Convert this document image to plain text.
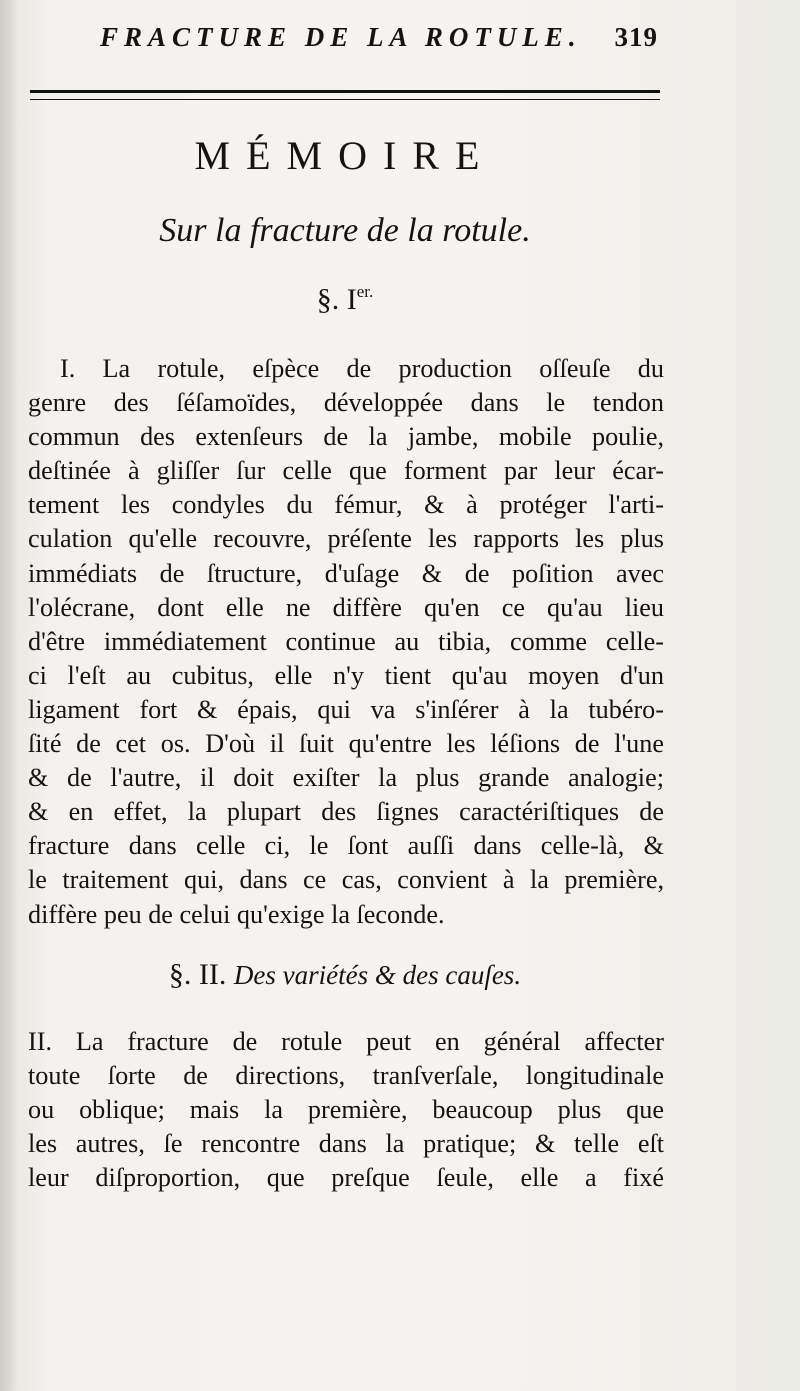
FRACTURE DE LA ROTULE. 319
MÉMOIRE
Sur la fracture de la rotule.
§. $I^{er.}$
I. La rotule, eſpèce de production oſſeuſe du
genre des ſéſamoïdes, développée dans le tendon
commun des extenſeurs de la jambe, mobile poulie,
deſtinée à gliſſer ſur celle que forment par leur écar-
tement les condyles du fémur, & à protéger l'arti-
culation qu'elle recouvre, préſente les rapports les plus
immédiats de ſtructure, d'uſage & de poſition avec
l'olécrane, dont elle ne diffère qu'en ce qu'au lieu
d'être immédiatement continue au tibia, comme celle-
ci l'eſt au cubitus, elle n'y tient qu'au moyen d'un
ligament fort & épais, qui va s'inſérer à la tubéro-
ſité de cet os. D'où il ſuit qu'entre les léſions de l'une
& de l'autre, il doit exiſter la plus grande analogie;
& en effet, la plupart des ſignes caractériſtiques de
fracture dans celle ci, le ſont auſſi dans celle-là, &
le traitement qui, dans ce cas, convient à la première,
diffère peu de celui qu'exige la ſeconde.
§. II. Des variétés & des cauſes.
II. La fracture de rotule peut en général affecter
toute ſorte de directions, tranſverſale, longitudinale
ou oblique; mais la première, beaucoup plus que
les autres, ſe rencontre dans la pratique; & telle eſt
leur diſproportion, que preſque ſeule, elle a fixé
